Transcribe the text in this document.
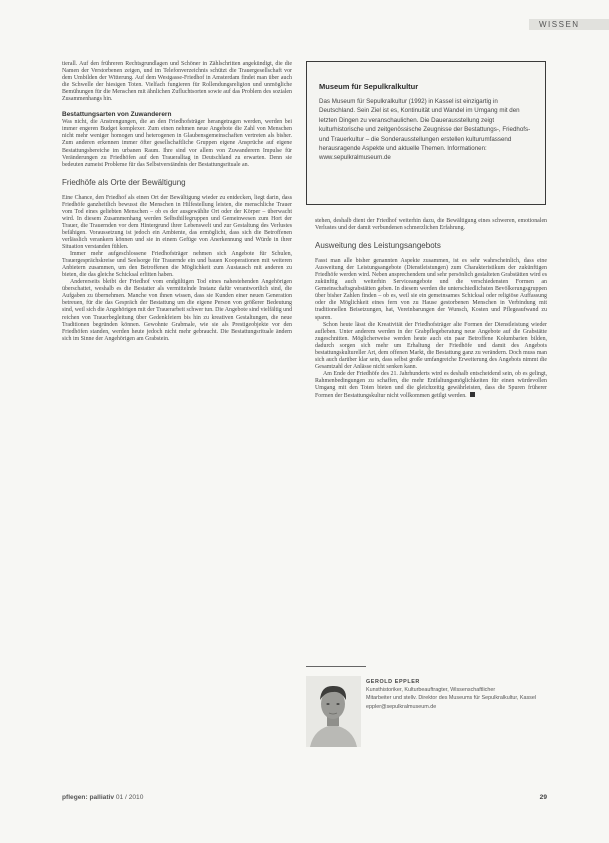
WISSEN

tierall. Auf den frühreren Rechtsgrundlagen und Schöner in Zählschritten angekündigt, die die Namen der Verstorbenen zeigen, und im Telefonverzeichnis schützt die Trauergesellschaft vor dem Umbilden der Witterung. Auf dem Westgasse-Friedhof in Amsterdam findet man über auch die Schwelle der hiesigen Toten. Vielfach fungieren für Rollendungsreligion und unmögliche Bemühungen für die Menschen mit ähnlichen Zufluchtsorten sowie auf das Problem des sozialen Zusammenhangs hin.

Bestattungsarten von Zuwanderern

Was nicht, die Anstrengungen, die an den Friedhofsträger herangetragen werden, werden bei immer engeren Budget komplexer. Zum einen nehmen neue Angebote die Zahl von Menschen nicht mehr weniger homogen und heterogenen in Glaubensgemeinschaften vertreten als bisher. Zum anderen erkennen immer öfter gesellschaftliche Gruppen eigene Ansprüche auf eigene Bestattungsbereiche im urbanen Raum. Ihre sind vor allem von Zuwanderern Impulse für Veränderungen zu Friedhöfen auf den Traueralltag in Deutschland zu erwarten. Denn sie bedeuten zumeist Probleme für das Selbstverständnis der Bestattungsrituale an.

Friedhöfe als Orte der Bewältigung

Eine Chance, den Friedhof als einen Ort der Bewältigung wieder zu entdecken, liegt darin, dass Friedhöfe ganzheitlich bewusst die Menschen in Hilfestellung leisten, die menschliche Trauer vom Tod eines geliebten Menschen – ob es der ausgewählte Ort oder der Körper – überwacht wird. In diesem Zusammenhang werden Selbsthilfegruppen und Gemeinwesen zum Hort der Trauer, die Trauernden vor dem Hintergrund ihrer Lebenswelt und zur Gestaltung des Verlustes befähigen. Voraussetzung ist jedoch ein Ambiente, das ermöglicht, dass sich die Betroffenen verlässlich verankern können und sie in einem Gefüge von Anerkennung und Würde in ihrer Situation verstanden fühlen.

Immer mehr aufgeschlossene Friedhofsträger nehmen sich Angebote für Schulen, Trauergesprächskreise und Seelsorge für Trauernde ein und bauen Kooperationen mit weiteren Anbietern zusammen, um den Betroffenen die Möglichkeit zum Austausch mit anderen zu bieten, die das gleiche Schicksal erlitten haben.

Andererseits bleibt der Friedhof vom endgültigen Tod eines nahestehenden Angehörigen überschattet, weshalb es die Bestatter als vermittelnde Instanz dafür verantwortlich sind, die Aufgaben zu übernehmen. Manche von ihnen wissen, dass sie Kunden einer neuen Generation betreuen, für die das Gespräch der Bestattung um die eigene Person von größerer Bedeutung sind, weil sich die Angehörigen mit der Trauerarbeit schwer tun. Die Angebote sind vielfältig und reichen von Trauerbegleitung über Gedenkfeiern bis hin zu kreativen Gestaltungen, die neue Traditionen begründen können. Gewohnte Grabmale, wie sie als Prestigeobjekte vor den Friedhöfen standen, werden heute jedoch nicht mehr gebraucht. Die Bestattungsrituale ändern sich im Sinne der Angehörigen am Grabstein.

Museum für Sepulkralkultur
Das Museum für Sepulkralkultur (1992) in Kassel ist einzigartig in Deutschland. Sein Ziel ist es, Kontinuität und Wandel im Umgang mit den letzten Dingen zu veranschaulichen. Die Dauerausstellung zeigt kulturhistorische und zeitgenössische Zeugnisse der Bestattungs-, Friedhofs- und Trauerkultur – die Sonderausstellungen erstellen kulturumfassend herausragende Aspekte und aktuelle Themen. Informationen: www.sepulkralmuseum.de

stehen, deshalb dient der Friedhof weiterhin dazu, die Bewältigung eines schweren, emotionalen Verlustes und der damit verbundenen schmerzlichen Erfahrung.

Ausweitung des Leistungsangebots

Fasst man alle bisher genannten Aspekte zusammen, ist es sehr wahrscheinlich, dass eine Ausweitung der Leistungsangebote (Dienstleistungen) zum Charakteristikum der zukünftigen Friedhöfe werden wird. Neben ansprechendem und sehr persönlich gestalteten Grabstätten wird es zukünftig auch weiterhin Serviceangebote und die verschiedensten Formen an Gemeinschaftsgrabstätten geben. In diesem werden die unterschiedlichsten Bevölkerungsgruppen über bisher Zahlen finden – ob es, weil sie ein gemeinsames Schicksal oder religiöse Auffassung oder die Möglichkeit eines fern von zu Hause gestorbenen Menschen in Verbindung mit traditionellen Beisetzungen, hat, Vereinbarungen der Wunsch, Kosten und Pflegeaufwand zu sparen.

Schon heute lässt die Kreativität der Friedhofsträger alte Formen der Dienstleistung wieder aufleben. Unter anderem werden in der Grabpflegeberatung neue Angebote auf die Grabstätte zugeschnitten. Möglicherweise werden heute auch ein paar Betroffene Kolumbarien bilden, dadurch sorgen sich mehr um Erhaltung der Friedhöfe und damit des Angebots bestattungskultureller Art, dem offenen Markt, die Bestattung ganz zu verändern. Doch muss man sich auch darüber klar sein, dass selbst große umfangreiche Erweiterung des Angebots nimmt die Gesamtzahl der Anlässe nicht senken kann.

Am Ende der Friedhöfe des 21. Jahrhunderts wird es deshalb entscheidend sein, ob es gelingt, Rahmenbedingungen zu schaffen, die mehr Entfaltungsmöglichkeiten für einen würdevollen Umgang mit den Toten bieten und die gleichzeitig gewährleisten, dass die Spuren früherer Formen der Bestattungskultur nicht vollkommen getilgt werden.

GEROLD EPPLER
Kunsthistoriker, Kulturbeauftragter, Wissenschaftlicher
Mitarbeiter und stellv. Direktor des Museums für Sepulkralkultur, Kassel
eppler@sepulkralmuseum.de
pflegen: palliativ 01 / 2010	29
